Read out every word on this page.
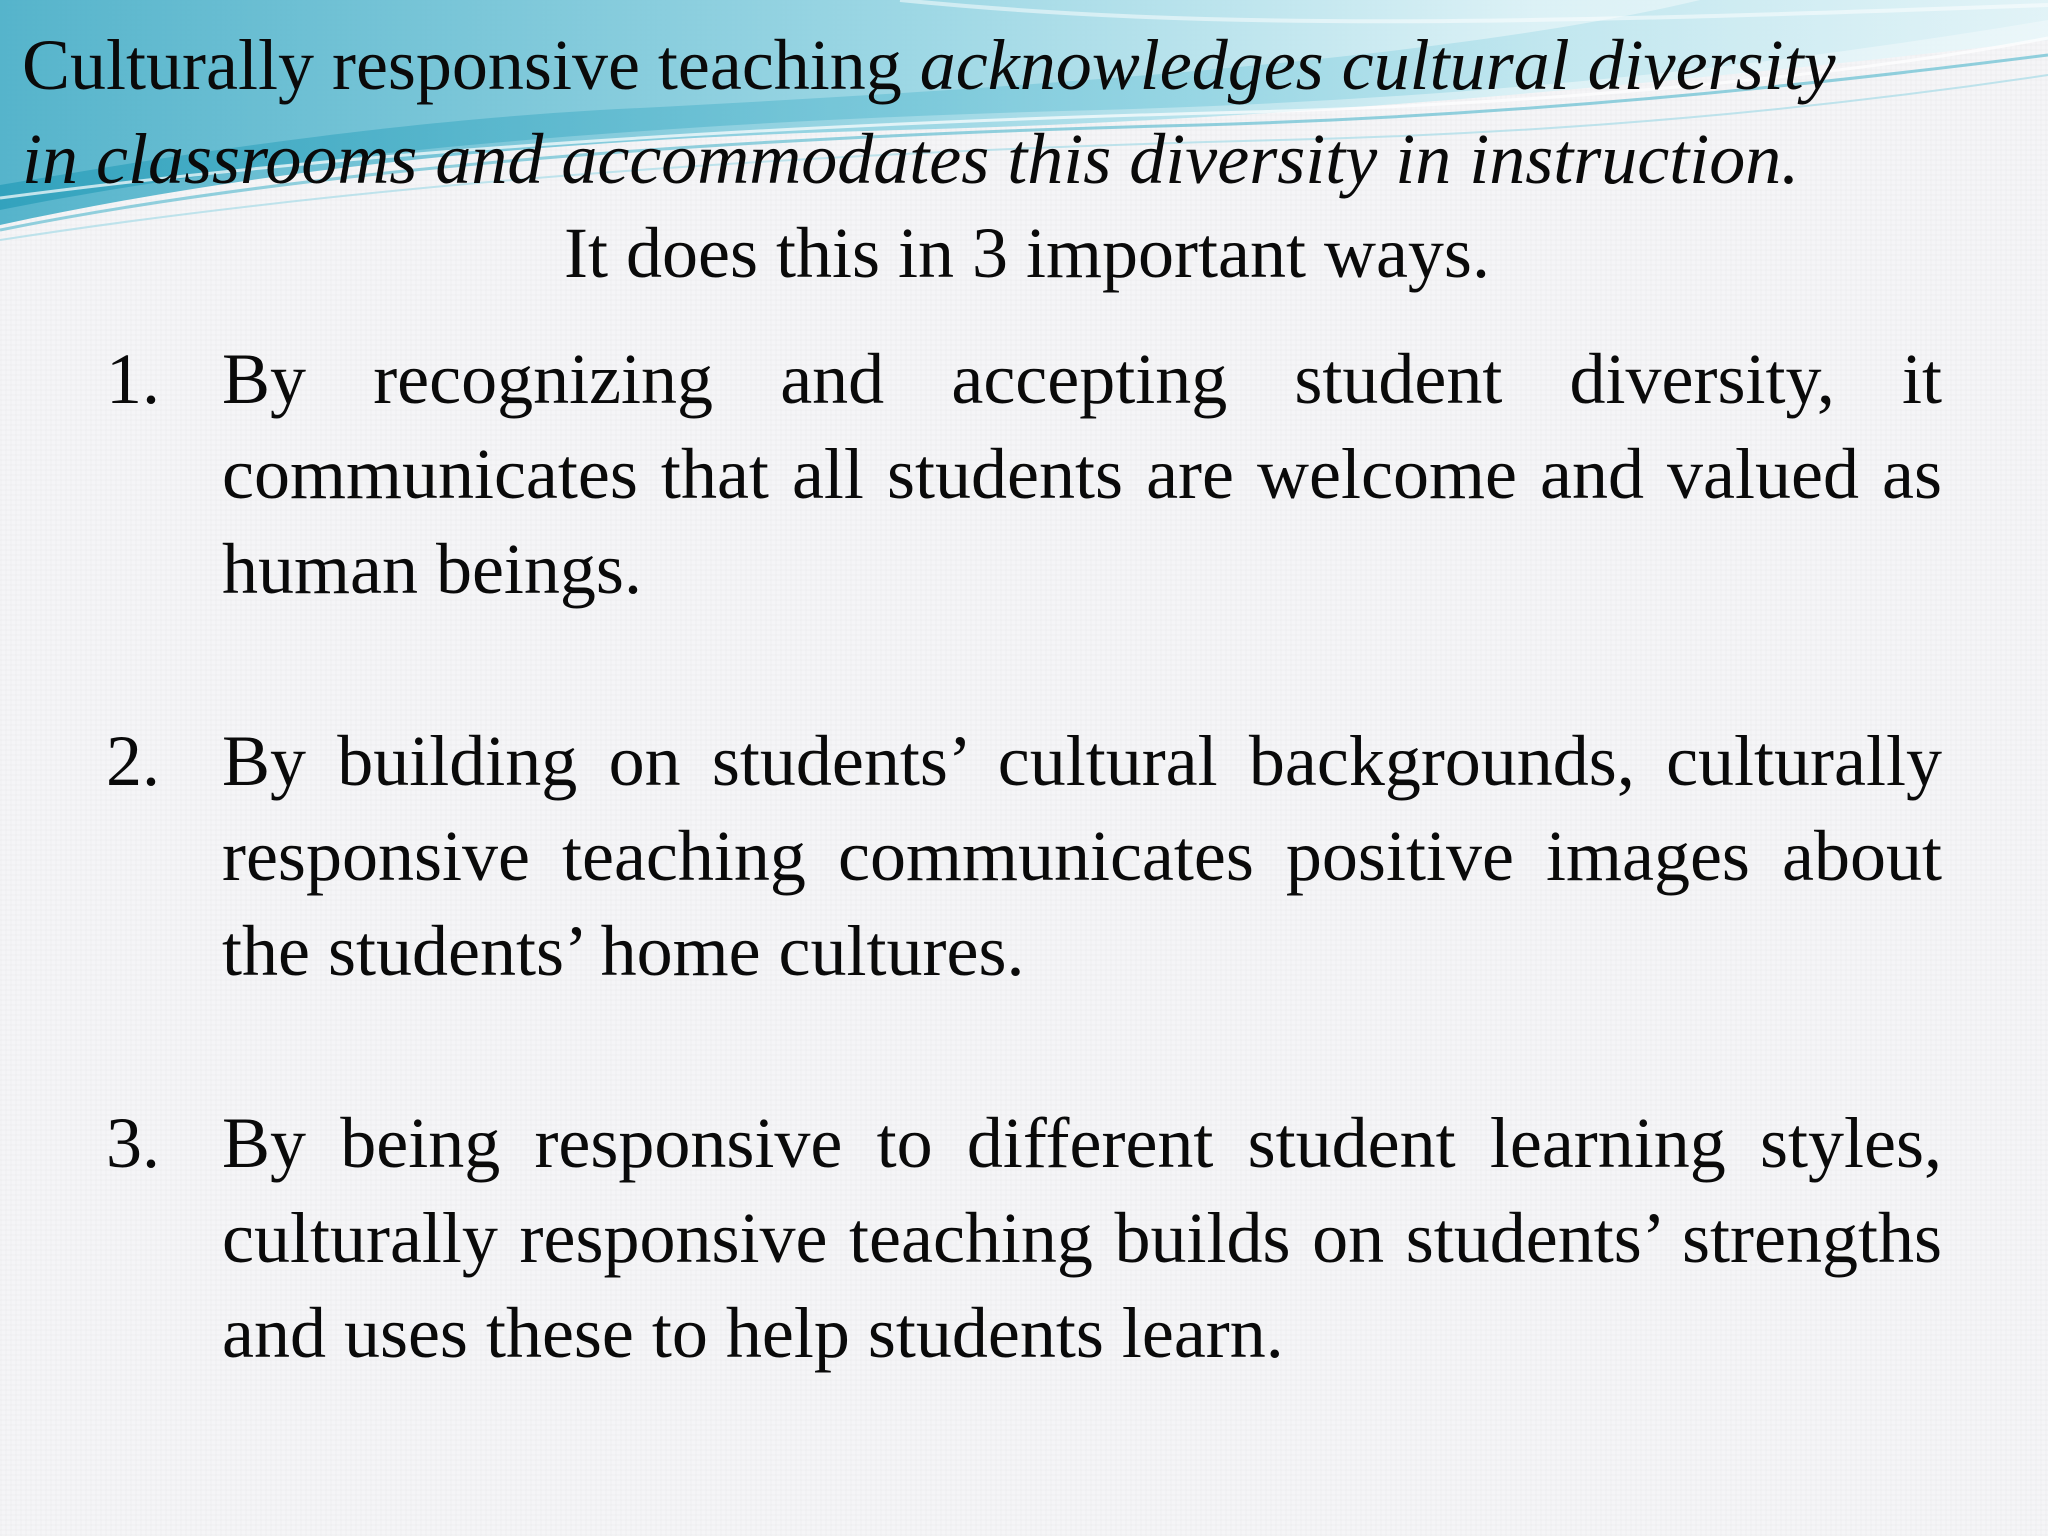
Culturally responsive teaching acknowledges cultural diversity
in classrooms and accommodates this diversity in instruction.
It does this in 3 important ways.
1. By recognizing and accepting student diversity, it communicates that all students are welcome and valued as human beings.

2. By building on students’ cultural backgrounds, culturally responsive teaching communicates positive images about the students’ home cultures.

3. By being responsive to different student learning styles, culturally responsive teaching builds on students’ strengths and uses these to help students learn.
